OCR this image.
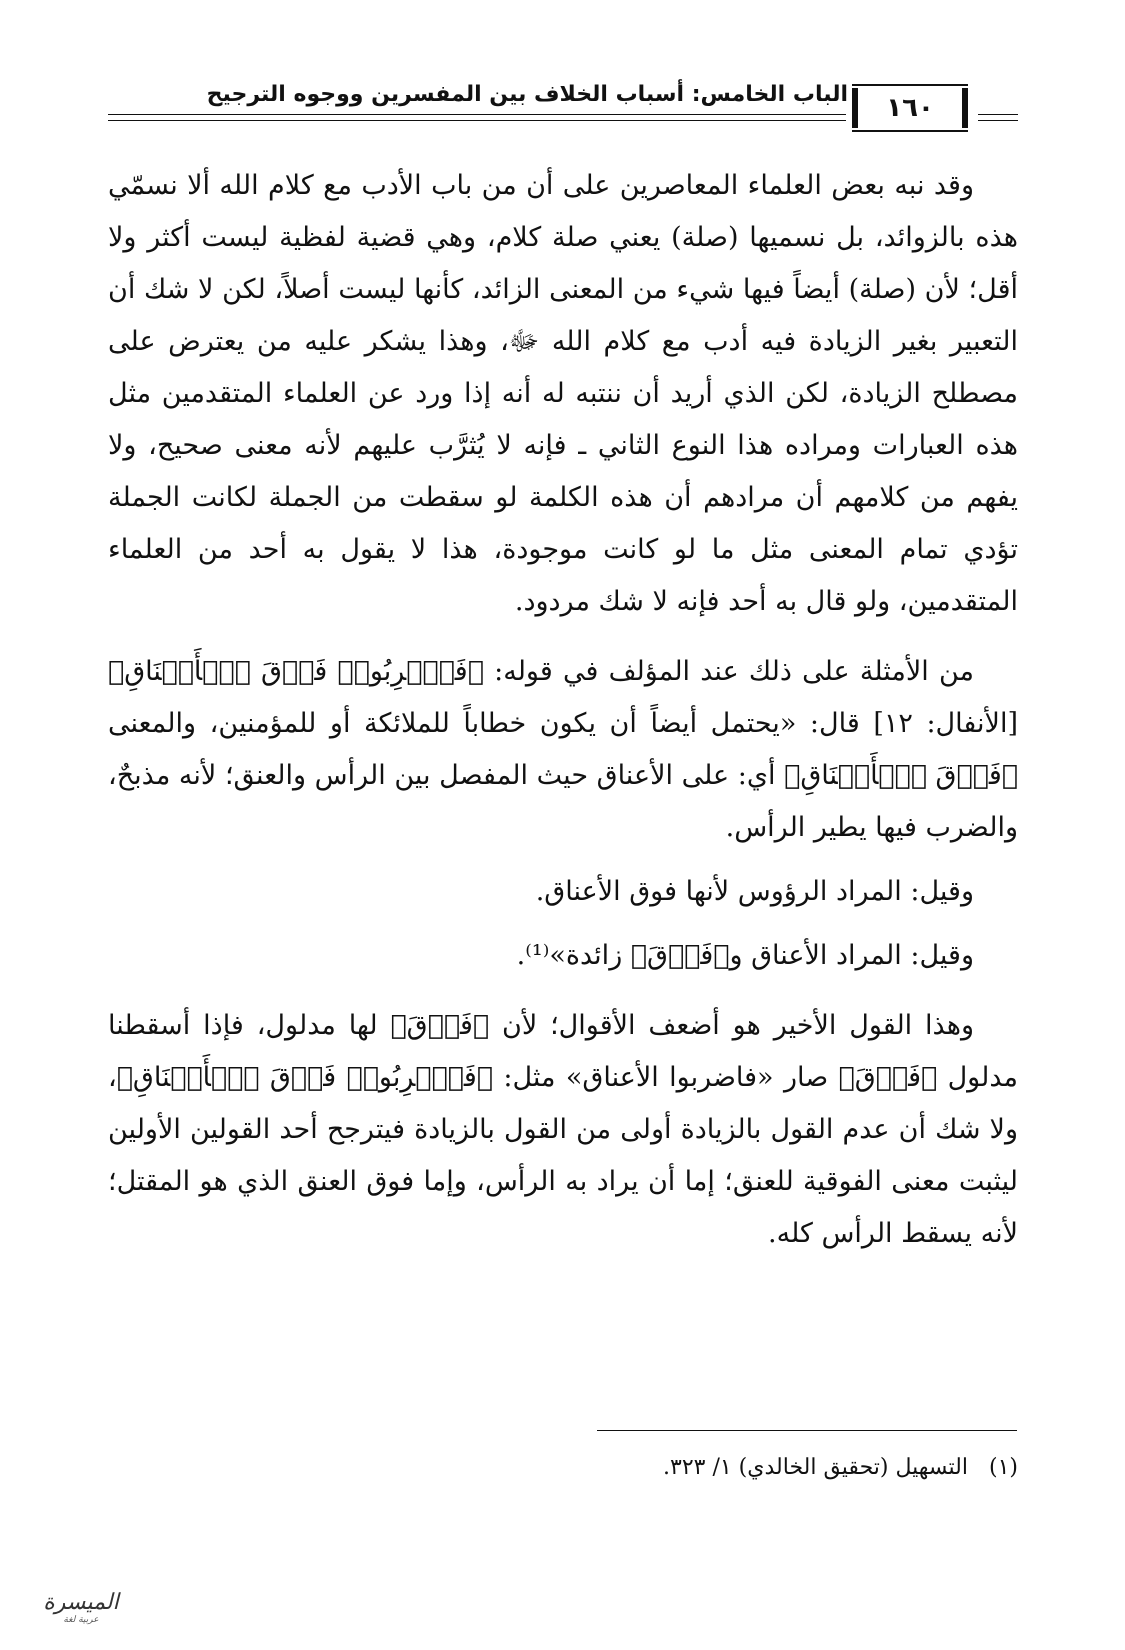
١٦٠
الباب الخامس: أسباب الخلاف بين المفسرين ووجوه الترجيح

وقد نبه بعض العلماء المعاصرين على أن من باب الأدب مع كلام الله ألا نسمّي هذه بالزوائد، بل نسميها (صلة) يعني صلة كلام، وهي قضية لفظية ليست أكثر ولا أقل؛ لأن (صلة) أيضاً فيها شيء من المعنى الزائد، كأنها ليست أصلاً، لكن لا شك أن التعبير بغير الزيادة فيه أدب مع كلام الله ﷻ، وهذا يشكر عليه من يعترض على مصطلح الزيادة، لكن الذي أريد أن ننتبه له أنه إذا ورد عن العلماء المتقدمين مثل هذه العبارات ومراده هذا النوع الثاني ـ فإنه لا يُثرَّب عليهم لأنه معنى صحيح، ولا يفهم من كلامهم أن مرادهم أن هذه الكلمة لو سقطت من الجملة لكانت الجملة تؤدي تمام المعنى مثل ما لو كانت موجودة، هذا لا يقول به أحد من العلماء المتقدمين، ولو قال به أحد فإنه لا شك مردود.

من الأمثلة على ذلك عند المؤلف في قوله: ﴿فَٱضۡرِبُوا۟ فَوۡقَ ٱلۡأَعۡنَاقِ﴾ [الأنفال: ١٢] قال: «يحتمل أيضاً أن يكون خطاباً للملائكة أو للمؤمنين، والمعنى ﴿فَوۡقَ ٱلۡأَعۡنَاقِ﴾ أي: على الأعناق حيث المفصل بين الرأس والعنق؛ لأنه مذبحٌ، والضرب فيها يطير الرأس.

وقيل: المراد الرؤوس لأنها فوق الأعناق.

وقيل: المراد الأعناق و﴿فَوۡقَ﴾ زائدة»⁽¹⁾.

وهذا القول الأخير هو أضعف الأقوال؛ لأن ﴿فَوۡقَ﴾ لها مدلول، فإذا أسقطنا مدلول ﴿فَوۡقَ﴾ صار «فاضربوا الأعناق» مثل: ﴿فَٱضۡرِبُوا۟ فَوۡقَ ٱلۡأَعۡنَاقِ﴾، ولا شك أن عدم القول بالزيادة أولى من القول بالزيادة فيترجح أحد القولين الأولين ليثبت معنى الفوقية للعنق؛ إما أن يراد به الرأس، وإما فوق العنق الذي هو المقتل؛ لأنه يسقط الرأس كله.

(١) التسهيل (تحقيق الخالدي) ١/ ٣٢٣.
الميسرة
عربية لغة
